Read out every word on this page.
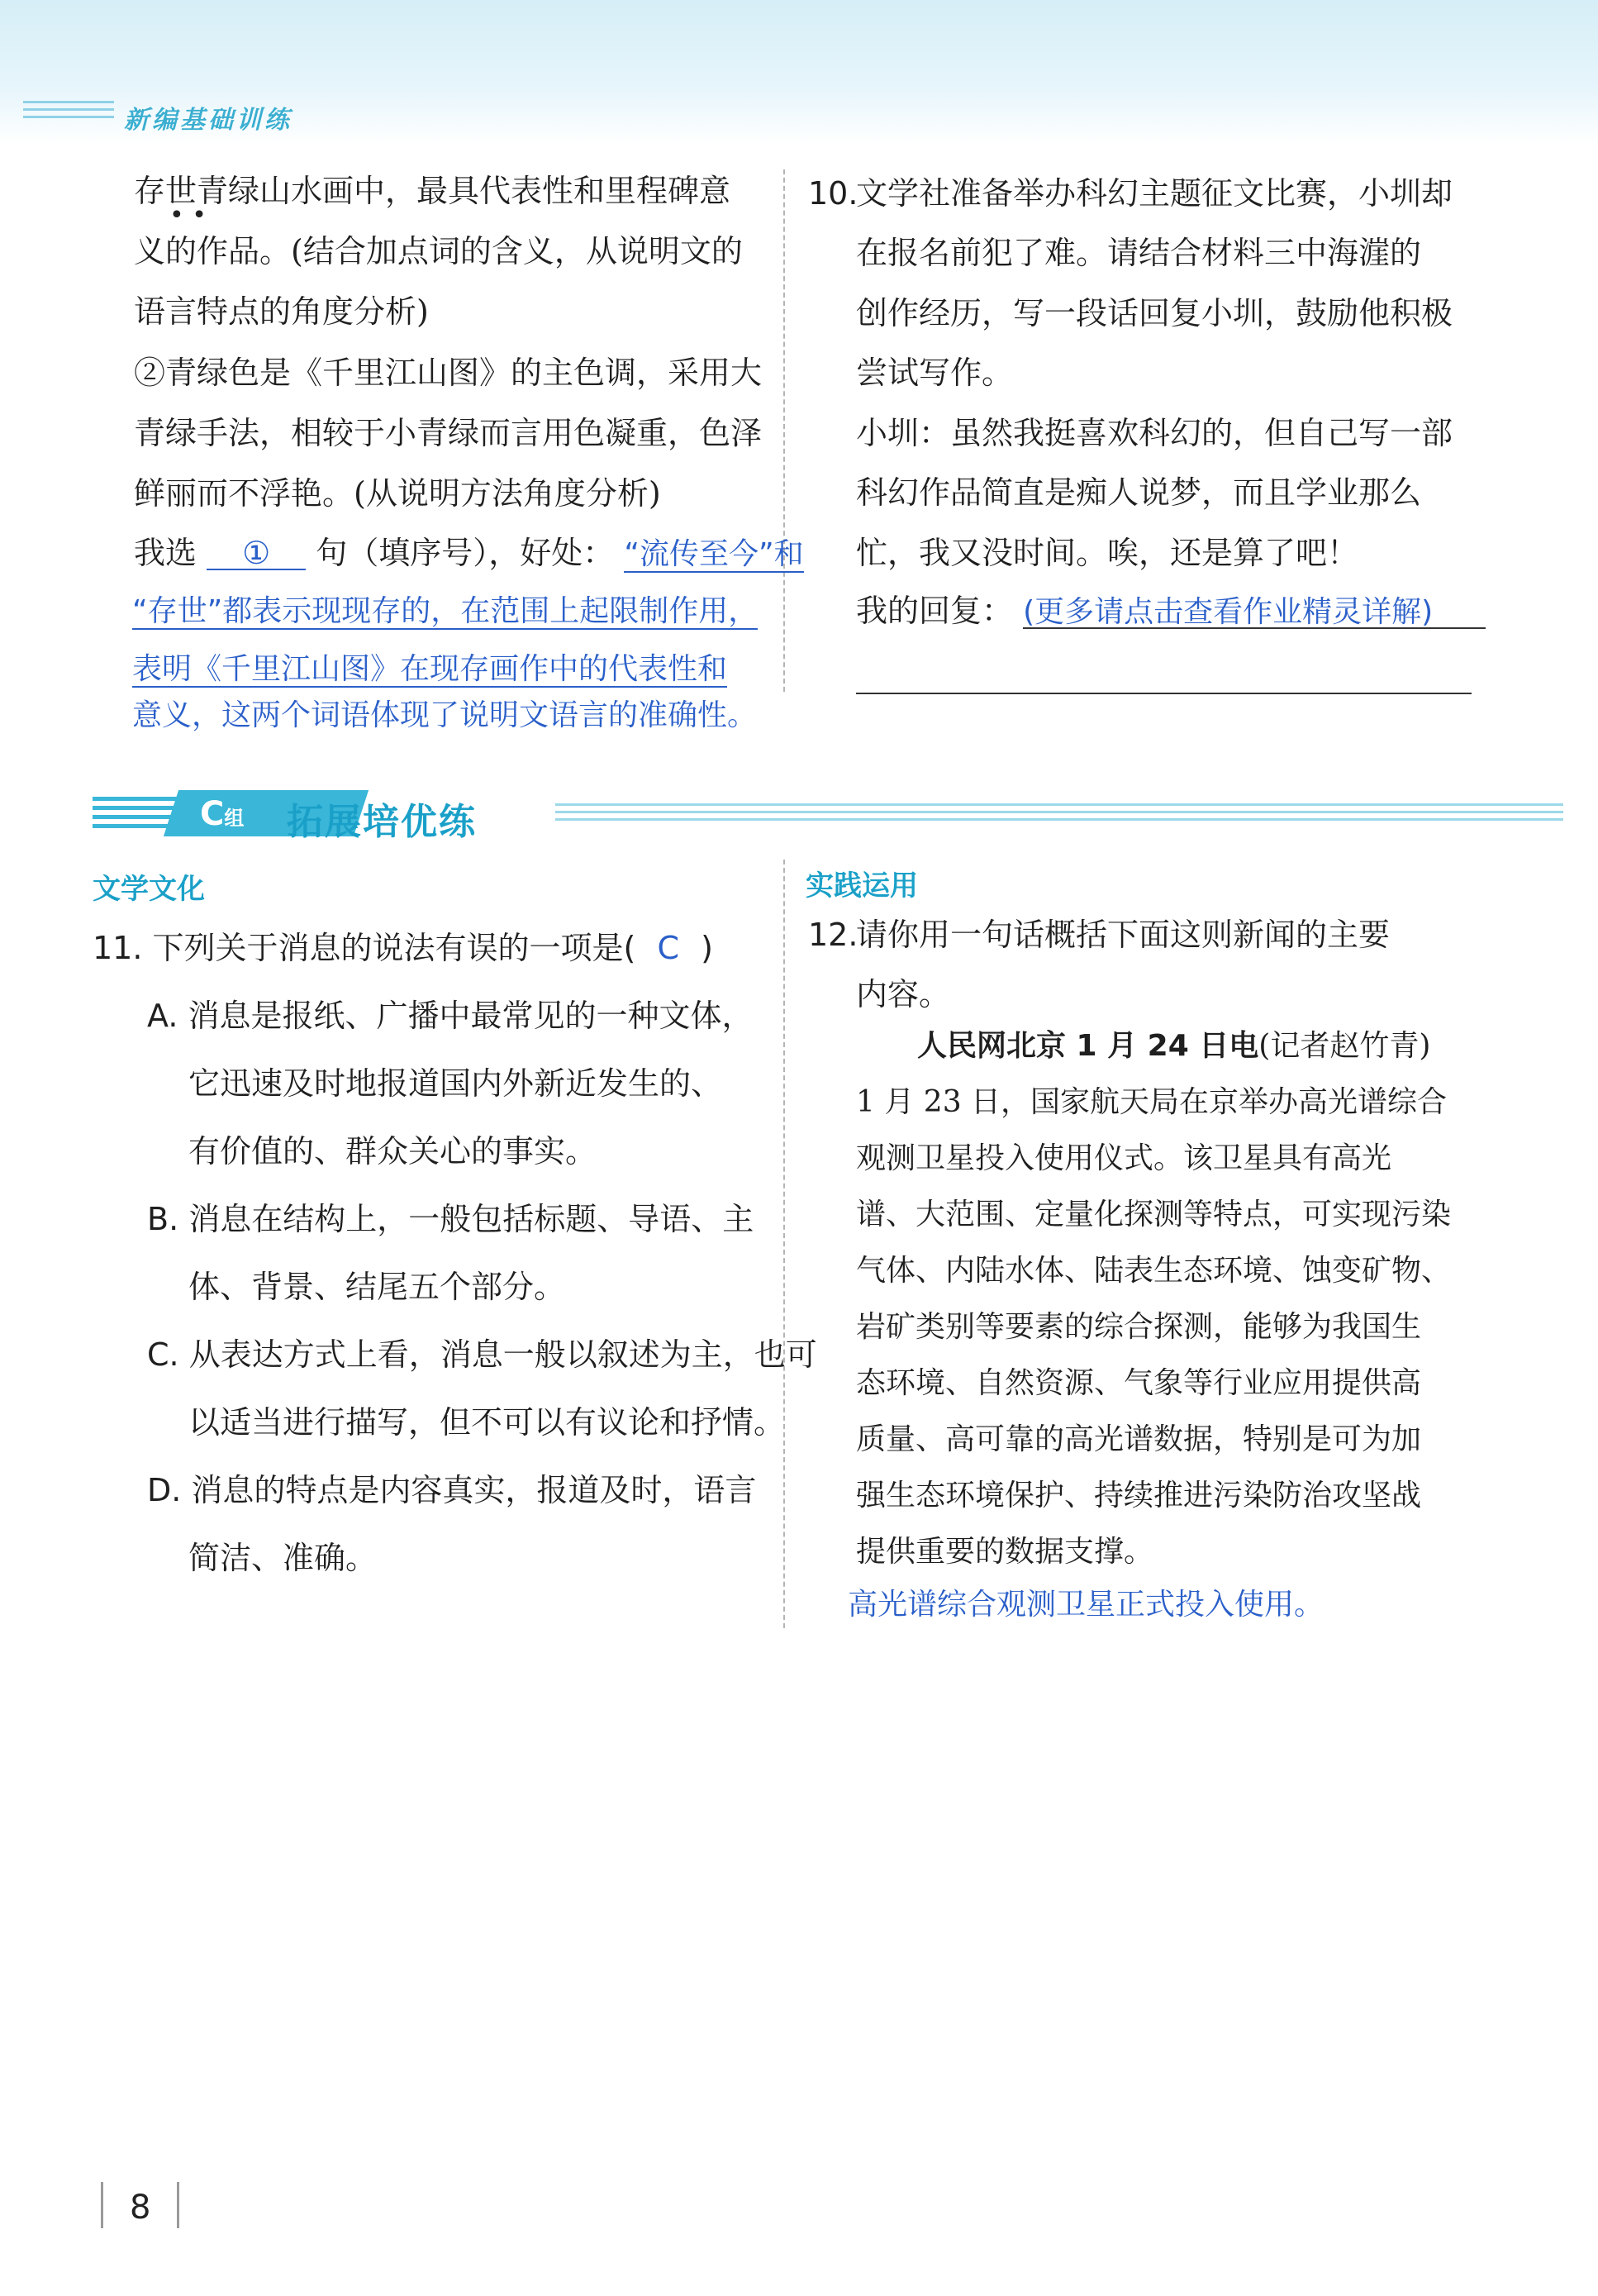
新编基础训练
存世青绿山水画中，最具代表性和里程碑意
• •
义的作品。(结合加点词的含义，从说明文的
语言特点的角度分析)
②青绿色是《千里江山图》的主色调，采用大
青绿手法，相较于小青绿而言用色凝重，色泽
鲜丽而不浮艳。(从说明方法角度分析)
我选 ① 句（填序号），好处： “流传至今”和
“存世”都表示现现存的，在范围上起限制作用，
表明《千里江山图》在现存画作中的代表性和
意义，这两个词语体现了说明文语言的准确性。
10.
文学社准备举办科幻主题征文比赛，小圳却
在报名前犯了难。请结合材料三中海漄的
创作经历，写一段话回复小圳，鼓励他积极
尝试写作。
小圳：虽然我挺喜欢科幻的，但自己写一部
科幻作品简直是痴人说梦，而且学业那么
忙，我又没时间。唉，还是算了吧！
我的回复： (更多请点击查看作业精灵详解)
C组 拓展培优练
文学文化	实践运用
11. 下列关于消息的说法有误的一项是( C )
A. 消息是报纸、广播中最常见的一种文体，
它迅速及时地报道国内外新近发生的、
有价值的、群众关心的事实。
B. 消息在结构上，一般包括标题、导语、主
体、背景、结尾五个部分。
C. 从表达方式上看，消息一般以叙述为主，也可
以适当进行描写，但不可以有议论和抒情。
D. 消息的特点是内容真实，报道及时，语言
简洁、准确。
12.
请你用一句话概括下面这则新闻的主要
内容。
人民网北京 1 月 24 日电(记者赵竹青)
1 月 23 日，国家航天局在京举办高光谱综合
观测卫星投入使用仪式。该卫星具有高光
谱、大范围、定量化探测等特点，可实现污染
气体、内陆水体、陆表生态环境、蚀变矿物、
岩矿类别等要素的综合探测，能够为我国生
态环境、自然资源、气象等行业应用提供高
质量、高可靠的高光谱数据，特别是可为加
强生态环境保护、持续推进污染防治攻坚战
提供重要的数据支撑。
高光谱综合观测卫星正式投入使用。
8
